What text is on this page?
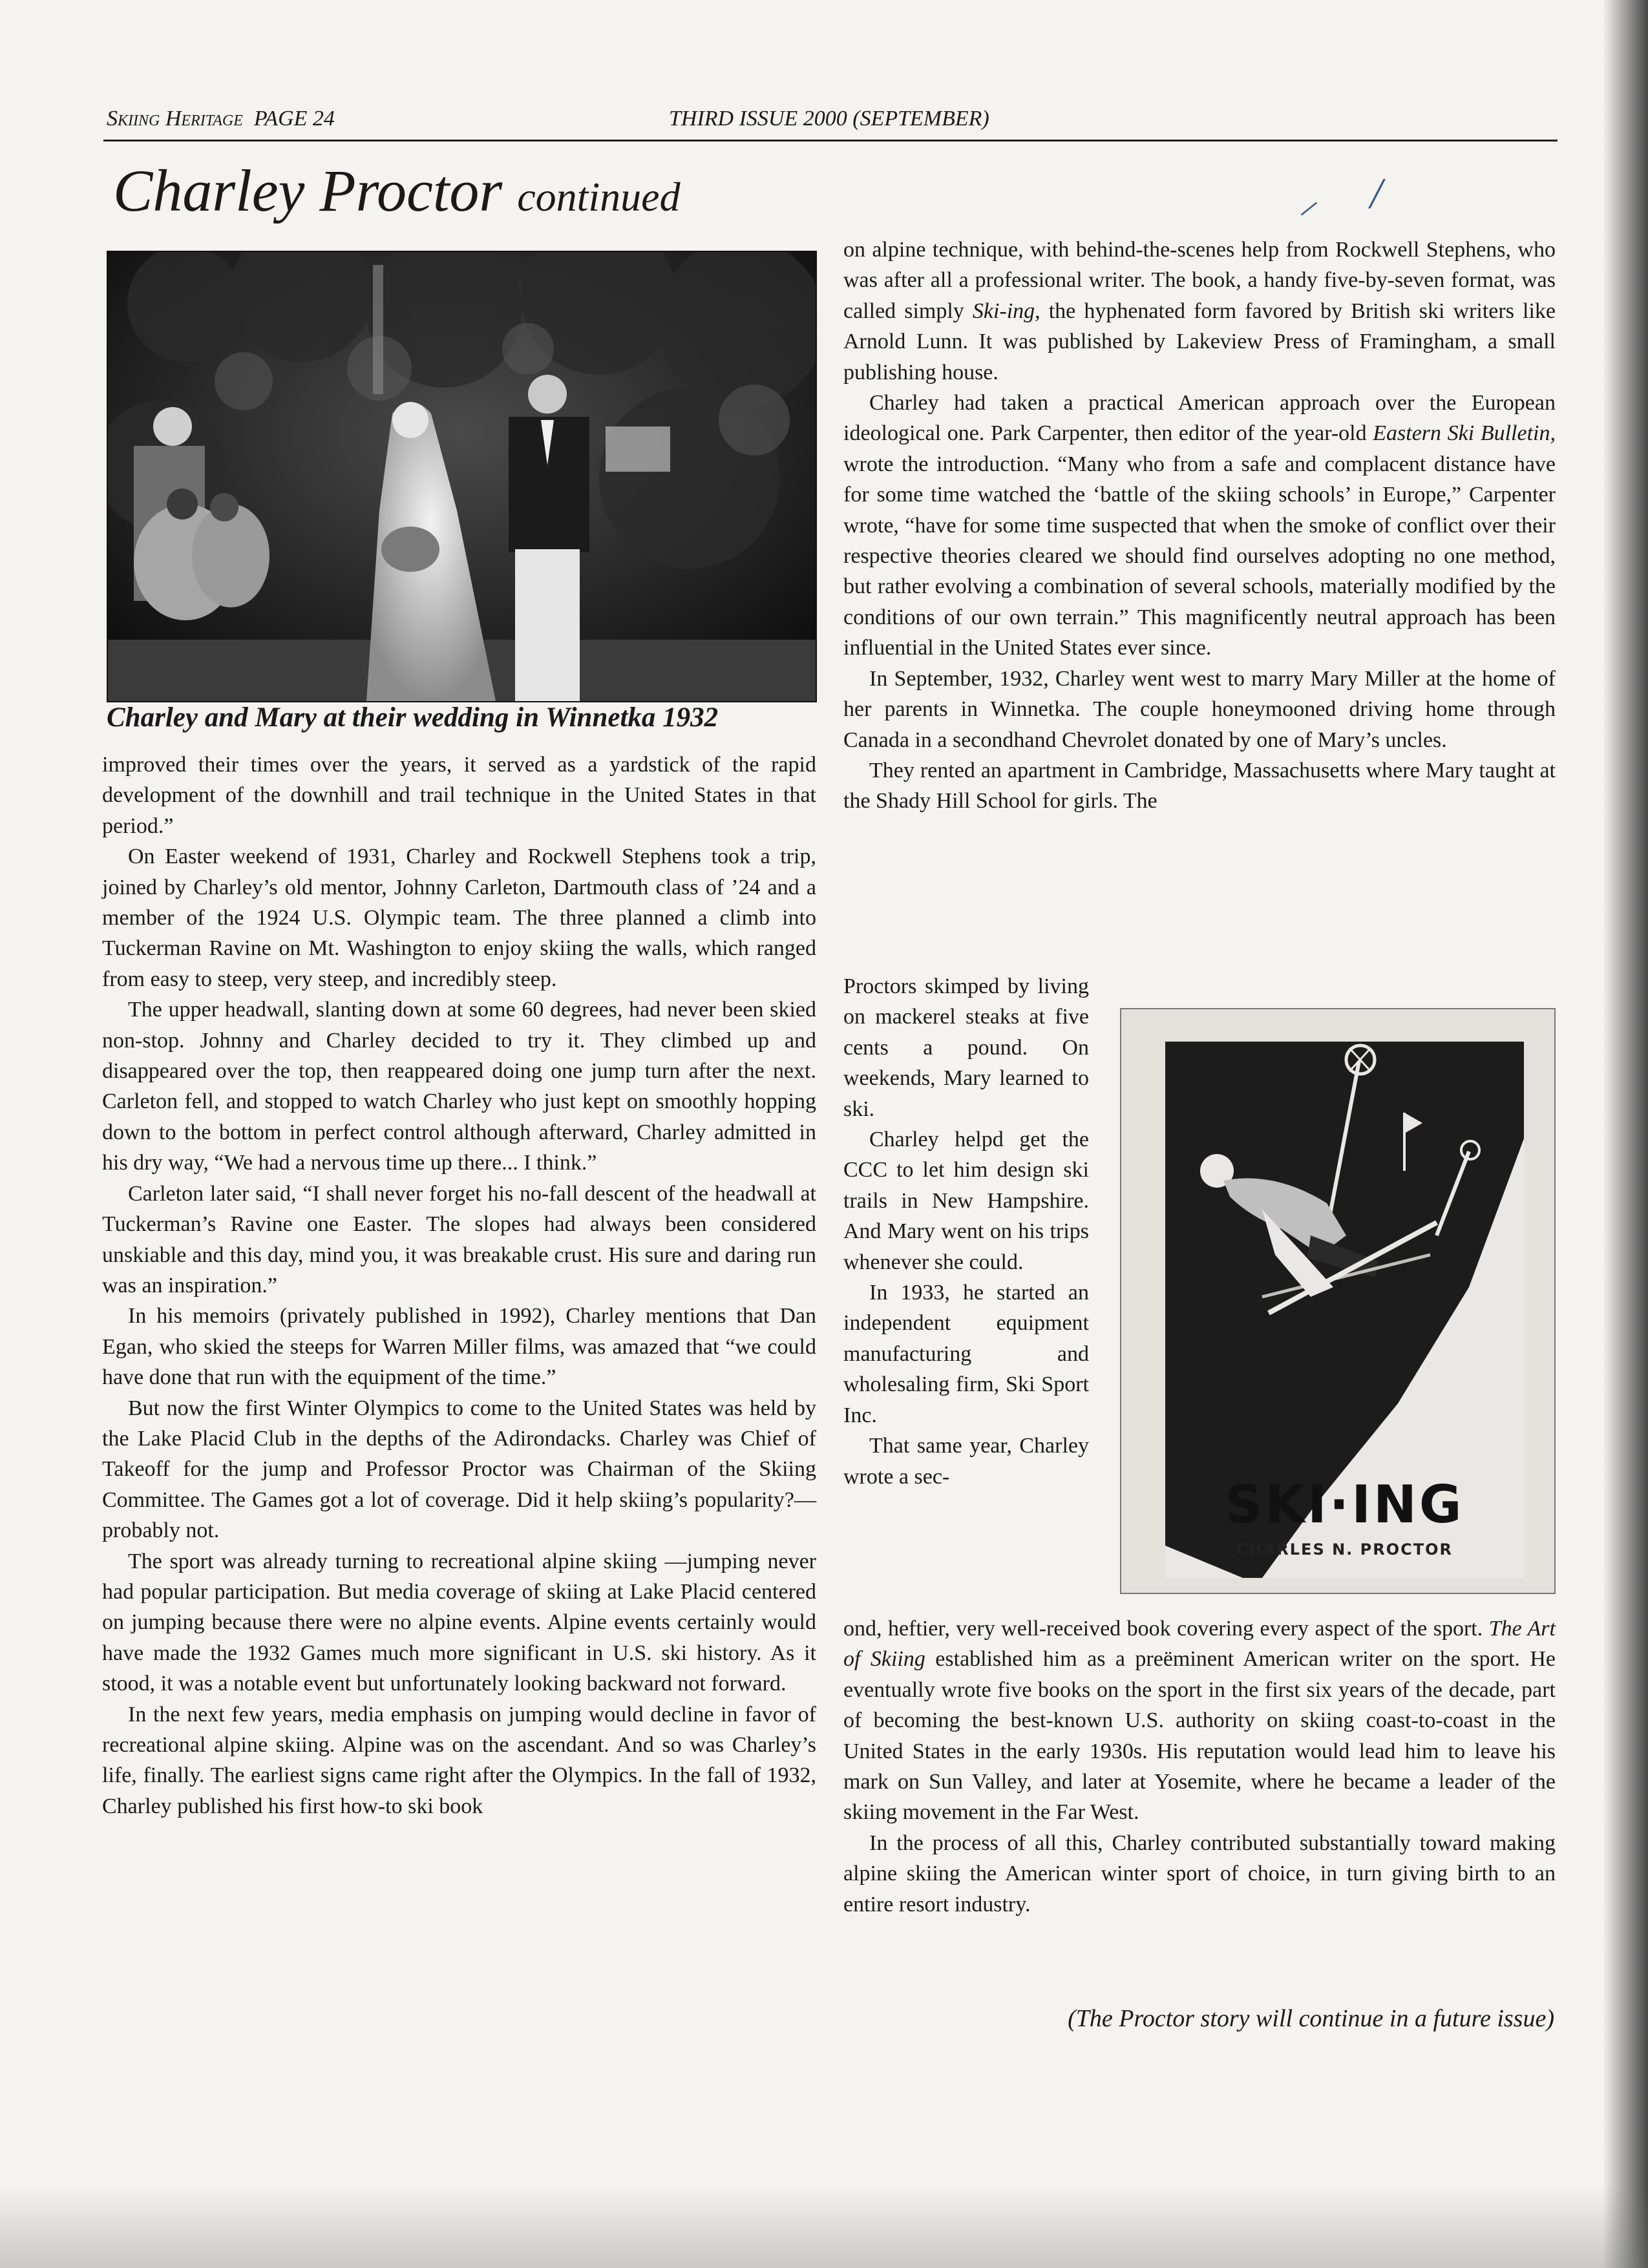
Skiing Heritage PAGE 24	THIRD ISSUE 2000 (SEPTEMBER)
Charley Proctor continued	⸝ /
Charley and Mary at their wedding in Winnetka 1932

improved their times over the years, it served as a yardstick of the rapid development of the downhill and trail technique in the United States in that period.”

On Easter weekend of 1931, Charley and Rockwell Stephens took a trip, joined by Charley’s old mentor, Johnny Carleton, Dartmouth class of ’24 and a member of the 1924 U.S. Olympic team. The three planned a climb into Tuckerman Ravine on Mt. Washington to enjoy skiing the walls, which ranged from easy to steep, very steep, and incredibly steep.

The upper headwall, slanting down at some 60 degrees, had never been skied non-stop. Johnny and Charley decided to try it. They climbed up and disappeared over the top, then reappeared doing one jump turn after the next. Carleton fell, and stopped to watch Charley who just kept on smoothly hopping down to the bottom in perfect control although afterward, Charley admitted in his dry way, “We had a nervous time up there... I think.”

Carleton later said, “I shall never forget his no-fall descent of the headwall at Tuckerman’s Ravine one Easter. The slopes had always been considered unskiable and this day, mind you, it was breakable crust. His sure and daring run was an inspiration.”

In his memoirs (privately published in 1992), Charley mentions that Dan Egan, who skied the steeps for Warren Miller films, was amazed that “we could have done that run with the equipment of the time.”

But now the first Winter Olympics to come to the United States was held by the Lake Placid Club in the depths of the Adirondacks. Charley was Chief of Takeoff for the jump and Professor Proctor was Chairman of the Skiing Committee. The Games got a lot of coverage. Did it help skiing’s popularity?—probably not.

The sport was already turning to recreational alpine skiing —jumping never had popular participation. But media coverage of skiing at Lake Placid centered on jumping because there were no alpine events. Alpine events certainly would have made the 1932 Games much more significant in U.S. ski history. As it stood, it was a notable event but unfortunately looking backward not forward.

In the next few years, media emphasis on jumping would decline in favor of recreational alpine skiing. Alpine was on the ascendant. And so was Charley’s life, finally. The earliest signs came right after the Olympics. In the fall of 1932, Charley published his first how-to ski book

on alpine technique, with behind-the-scenes help from Rockwell Stephens, who was after all a professional writer. The book, a handy five-by-seven format, was called simply Ski-ing, the hyphenated form favored by British ski writers like Arnold Lunn. It was published by Lakeview Press of Framingham, a small publishing house.

Charley had taken a practical American approach over the European ideological one. Park Carpenter, then editor of the year-old Eastern Ski Bulletin, wrote the introduction. “Many who from a safe and complacent distance have for some time watched the ‘battle of the skiing schools’ in Europe,” Carpenter wrote, “have for some time suspected that when the smoke of conflict over their respective theories cleared we should find ourselves adopting no one method, but rather evolving a combination of several schools, materially modified by the conditions of our own terrain.” This magnificently neutral approach has been influential in the United States ever since.

In September, 1932, Charley went west to marry Mary Miller at the home of her parents in Winnetka. The couple honeymooned driving home through Canada in a secondhand Chevrolet donated by one of Mary’s uncles.

They rented an apartment in Cambridge, Massachusetts where Mary taught at the Shady Hill School for girls. The

Proctors skimped by living on mackerel steaks at five cents a pound. On weekends, Mary learned to ski.

Charley helpd get the CCC to let him design ski trails in New Hampshire. And Mary went on his trips whenever she could.

In 1933, he started an independent equipment manufacturing and wholesaling firm, Ski Sport Inc.

That same year, Charley wrote a sec-	SKI·ING
CHARLES N. PROCTOR

ond, heftier, very well-received book covering every aspect of the sport. The Art of Skiing established him as a preëminent American writer on the sport. He eventually wrote five books on the sport in the first six years of the decade, part of becoming the best-known U.S. authority on skiing coast-to-coast in the United States in the early 1930s. His reputation would lead him to leave his mark on Sun Valley, and later at Yosemite, where he became a leader of the skiing movement in the Far West.

In the process of all this, Charley contributed substantially toward making alpine skiing the American winter sport of choice, in turn giving birth to an entire resort industry.

(The Proctor story will continue in a future issue)
